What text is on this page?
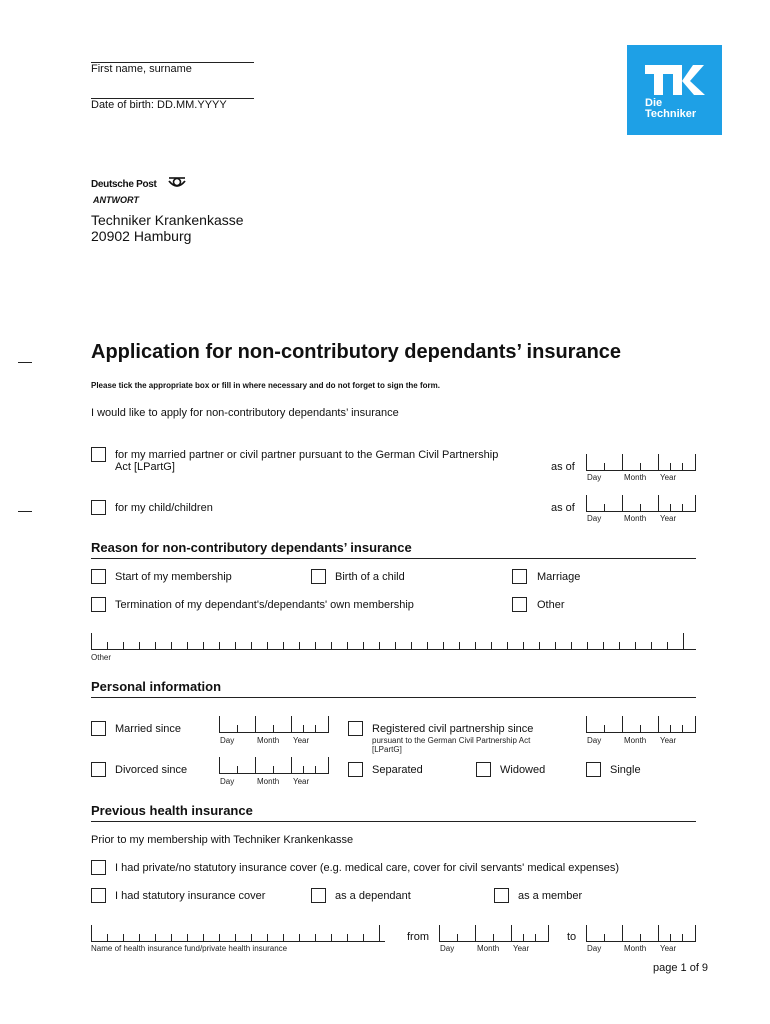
First name, surname
Date of birth: DD.MM.YYYY	Die
Techniker
Deutsche Post
ANTWORT
Techniker Krankenkasse
20902 Hamburg
Application for non-contributory dependants’ insurance
Please tick the appropriate box or fill in where necessary and do not forget to sign the form.
I would like to apply for non-contributory dependants’ insurance
for my married partner or civil partner pursuant to the German Civil Partnership
Act [LPartG]	as of
Day	Month Year
for my child/children	as of
Day	Month Year
Reason for non-contributory dependants’ insurance
Start of my membership	Birth of a child	Marriage
Termination of my dependant's/dependants' own membership	Other
Other
Personal information
Married since
Day	Month Year
Registered civil partnership since
pursuant to the German Civil Partnership Act
[LPartG]
Day	Month Year
Divorced since
Day	Month Year
Separated	Widowed	Single
Previous health insurance
Prior to my membership with Techniker Krankenkasse
I had private/no statutory insurance cover (e.g. medical care, cover for civil servants' medical expenses)
I had statutory insurance cover	as a dependant	as a member
Name of health insurance fund/private health insurance
from
Day	Month Year
to
Day	Month Year
page 1 of 9
